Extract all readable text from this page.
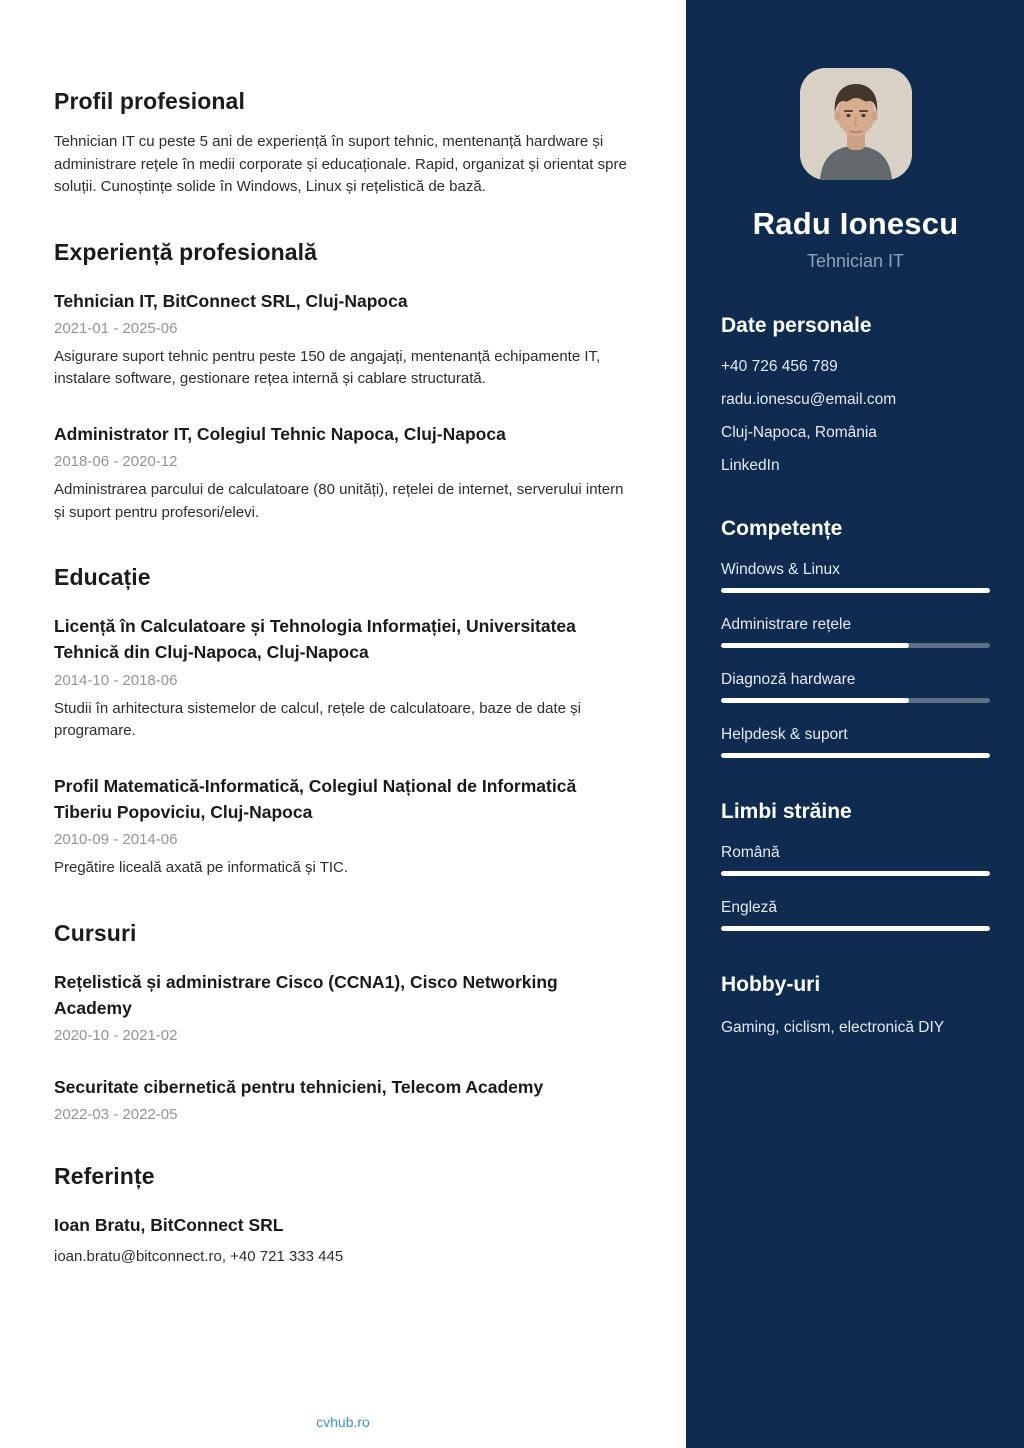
Profil profesional

Tehnician IT cu peste 5 ani de experiență în suport tehnic, mentenanță hardware și administrare rețele în medii corporate și educaționale. Rapid, organizat și orientat spre soluții. Cunoștințe solide în Windows, Linux și rețelistică de bază.

Experiență profesională
Tehnician IT, BitConnect SRL, Cluj-Napoca
2021-01 - 2025-06
Asigurare suport tehnic pentru peste 150 de angajați, mentenanță echipamente IT, instalare software, gestionare rețea internă și cablare structurată.
Administrator IT, Colegiul Tehnic Napoca, Cluj-Napoca
2018-06 - 2020-12
Administrarea parcului de calculatoare (80 unități), rețelei de internet, serverului intern și suport pentru profesori/elevi.
Educație
Licență în Calculatoare și Tehnologia Informației, Universitatea Tehnică din Cluj-Napoca, Cluj-Napoca
2014-10 - 2018-06
Studii în arhitectura sistemelor de calcul, rețele de calculatoare, baze de date și programare.
Profil Matematică-Informatică, Colegiul Național de Informatică Tiberiu Popoviciu, Cluj-Napoca
2010-09 - 2014-06
Pregătire liceală axată pe informatică și TIC.
Cursuri
Rețelistică și administrare Cisco (CCNA1), Cisco Networking Academy
2020-10 - 2021-02
Securitate cibernetică pentru tehnicieni, Telecom Academy
2022-03 - 2022-05
Referințe
Ioan Bratu, BitConnect SRL
ioan.bratu@bitconnect.ro, +40 721 333 445
cvhub.ro
Radu Ionescu
Tehnician IT
Date personale
+40 726 456 789
radu.ionescu@email.com
Cluj-Napoca, România
LinkedIn
Competențe
Windows & Linux
Administrare rețele
Diagnoză hardware
Helpdesk & suport
Limbi străine
Română
Engleză
Hobby-uri
Gaming, ciclism, electronică DIY
